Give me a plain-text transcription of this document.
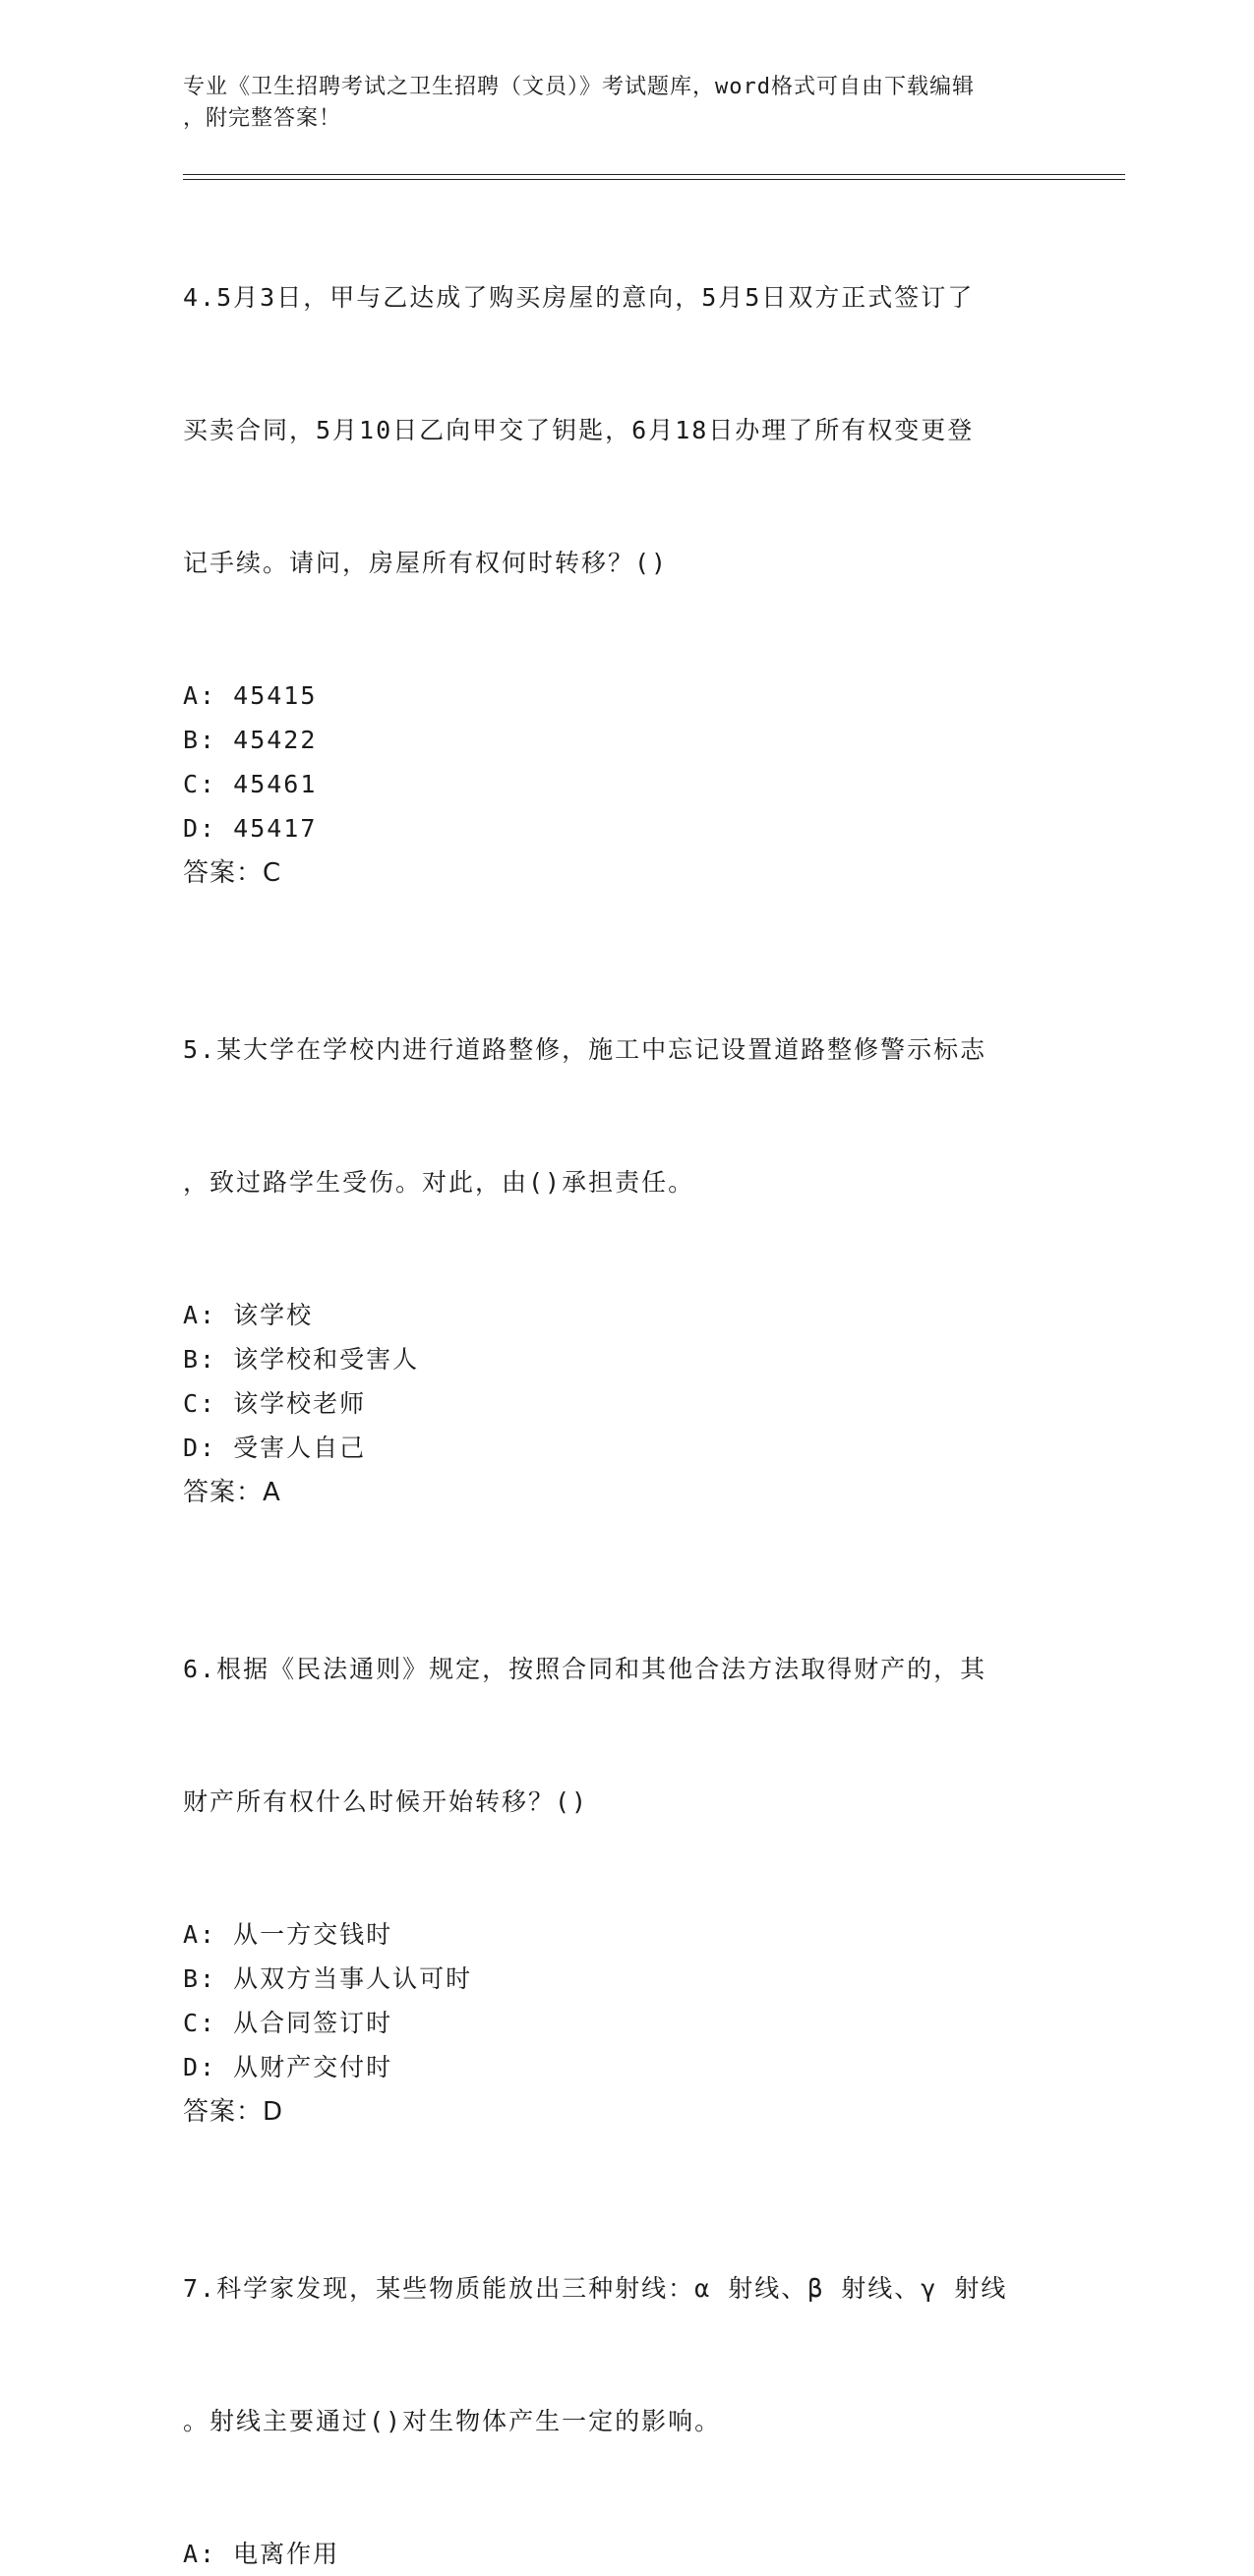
专业《卫生招聘考试之卫生招聘（文员）》考试题库，word格式可自由下载编辑
，附完整答案！

4.5月3日，甲与乙达成了购买房屋的意向，5月5日双方正式签订了

买卖合同，5月10日乙向甲交了钥匙，6月18日办理了所有权变更登

记手续。请问，房屋所有权何时转移？()

A: 45415
B: 45422
C: 45461
D: 45417
答案：C

5.某大学在学校内进行道路整修，施工中忘记设置道路整修警示标志

，致过路学生受伤。对此，由()承担责任。

A: 该学校
B: 该学校和受害人
C: 该学校老师
D: 受害人自己
答案：A

6.根据《民法通则》规定，按照合同和其他合法方法取得财产的，其

财产所有权什么时候开始转移？()

A: 从一方交钱时
B: 从双方当事人认可时
C: 从合同签订时
D: 从财产交付时
答案：D

7.科学家发现，某些物质能放出三种射线：α 射线、β 射线、γ 射线

。射线主要通过()对生物体产生一定的影响。

A: 电离作用
